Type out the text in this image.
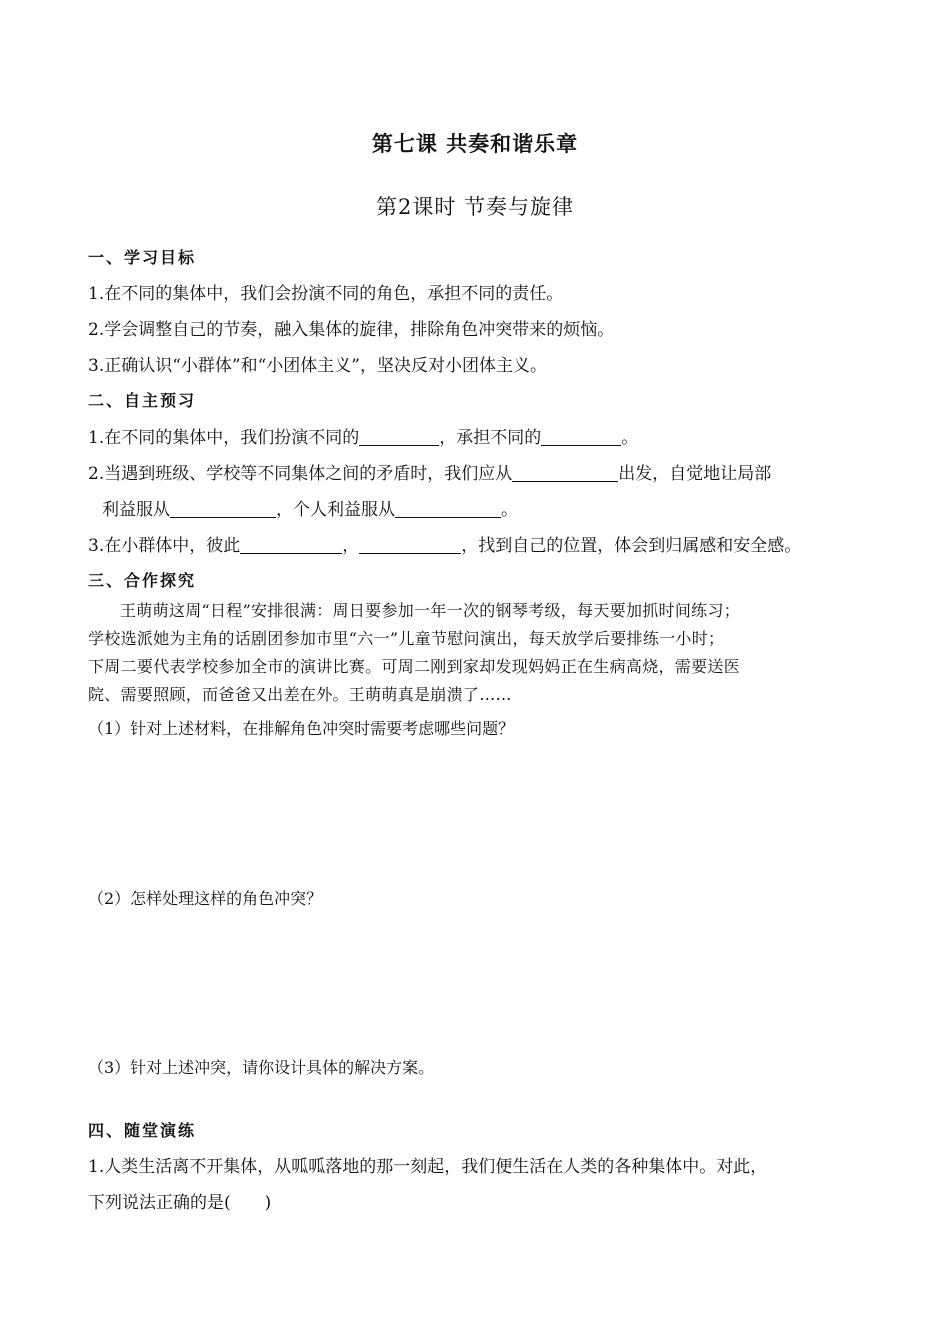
第七课 共奏和谐乐章
第2课时 节奏与旋律
一、学习目标
1.在不同的集体中，我们会扮演不同的角色，承担不同的责任。
2.学会调整自己的节奏，融入集体的旋律，排除角色冲突带来的烦恼。
3.正确认识“小群体”和“小团体主义”，坚决反对小团体主义。
二、自主预习
1.在不同的集体中，我们扮演不同的	，承担不同的	。
2.当遇到班级、学校等不同集体之间的矛盾时，我们应从	出发，自觉地让局部
利益服从	，个人利益服从	。
3.在小群体中，彼此	，	，找到自己的位置，体会到归属感和安全感。
三、合作探究
王萌萌这周“日程”安排很满：周日要参加一年一次的钢琴考级，每天要加抓时间练习；
学校选派她为主角的话剧团参加市里“六一”儿童节慰问演出，每天放学后要排练一小时；
下周二要代表学校参加全市的演讲比赛。可周二刚到家却发现妈妈正在生病高烧，需要送医
院、需要照顾，而爸爸又出差在外。王萌萌真是崩溃了……
（1）针对上述材料，在排解角色冲突时需要考虑哪些问题？
（2）怎样处理这样的角色冲突？
（3）针对上述冲突，请你设计具体的解决方案。
四、随堂演练
1.人类生活离不开集体，从呱呱落地的那一刻起，我们便生活在人类的各种集体中。对此，
下列说法正确的是(　　)
